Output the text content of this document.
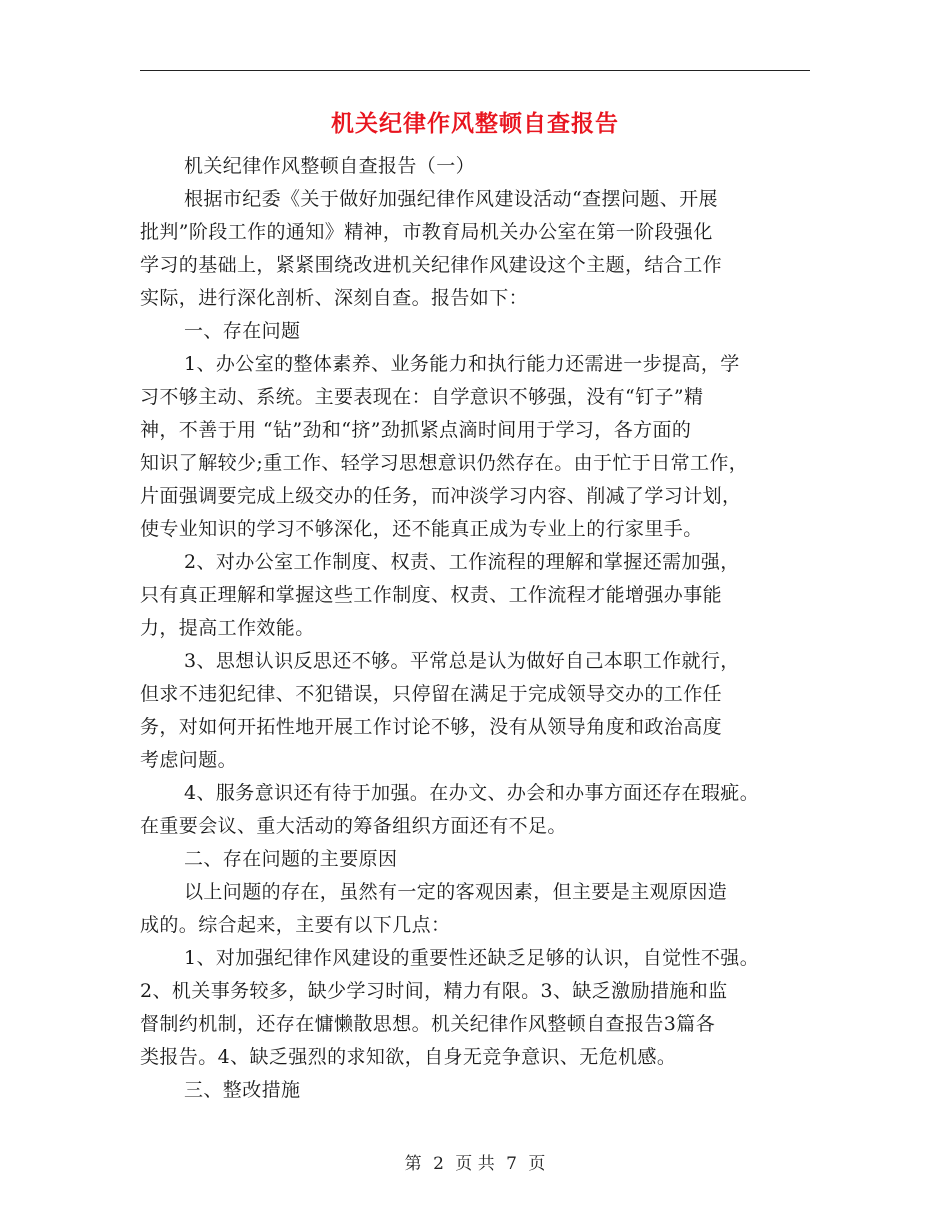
机关纪律作风整顿自查报告
机关纪律作风整顿自查报告（一）
根据市纪委《关于做好加强纪律作风建设活动“查摆问题、开展
批判”阶段工作的通知》精神，市教育局机关办公室在第一阶段强化
学习的基础上，紧紧围绕改进机关纪律作风建设这个主题，结合工作
实际，进行深化剖析、深刻自查。报告如下：
一、存在问题
1、办公室的整体素养、业务能力和执行能力还需进一步提高，学
习不够主动、系统。主要表现在：自学意识不够强，没有“钉子”精
神，不善于用 “钻”劲和“挤”劲抓紧点滴时间用于学习，各方面的
知识了解较少;重工作、轻学习思想意识仍然存在。由于忙于日常工作，
片面强调要完成上级交办的任务，而冲淡学习内容、削减了学习计划，
使专业知识的学习不够深化，还不能真正成为专业上的行家里手。
2、对办公室工作制度、权责、工作流程的理解和掌握还需加强，
只有真正理解和掌握这些工作制度、权责、工作流程才能增强办事能
力，提高工作效能。
3、思想认识反思还不够。平常总是认为做好自己本职工作就行，
但求不违犯纪律、不犯错误，只停留在满足于完成领导交办的工作任
务，对如何开拓性地开展工作讨论不够，没有从领导角度和政治高度
考虑问题。
4、服务意识还有待于加强。在办文、办会和办事方面还存在瑕疵。
在重要会议、重大活动的筹备组织方面还有不足。
二、存在问题的主要原因
以上问题的存在，虽然有一定的客观因素，但主要是主观原因造
成的。综合起来，主要有以下几点：
1、对加强纪律作风建设的重要性还缺乏足够的认识，自觉性不强。
2、机关事务较多，缺少学习时间，精力有限。3、缺乏激励措施和监
督制约机制，还存在慵懒散思想。机关纪律作风整顿自查报告3篇各
类报告。4、缺乏强烈的求知欲，自身无竞争意识、无危机感。
三、整改措施
第 2 页 共 7 页
